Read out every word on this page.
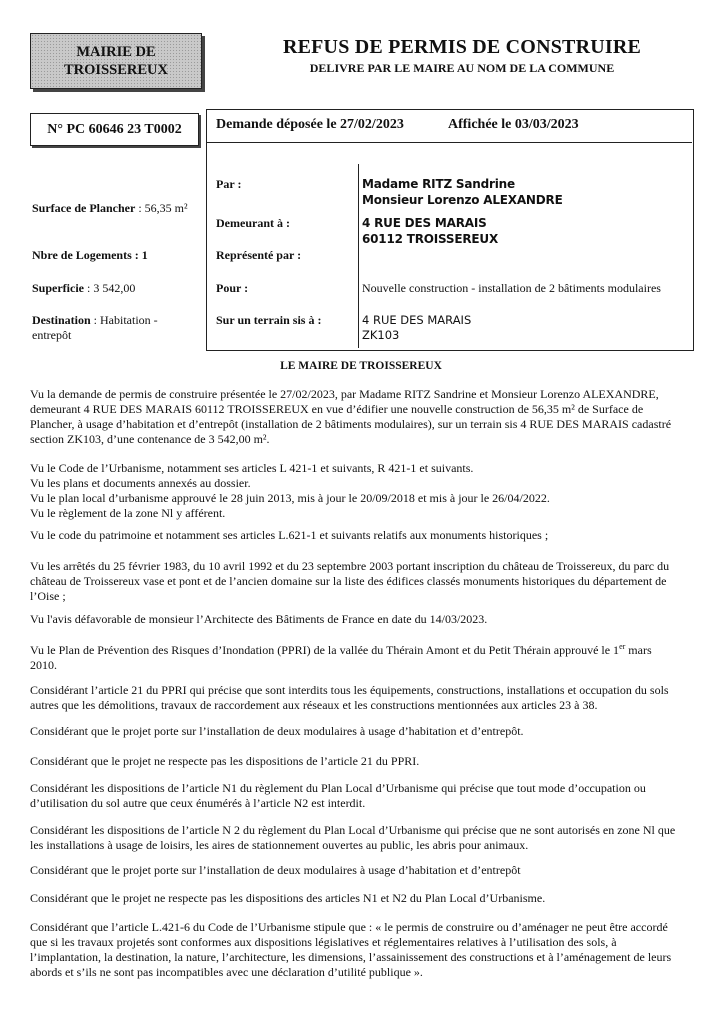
MAIRIE DE
TROISSEREUX
REFUS DE PERMIS DE CONSTRUIRE
DELIVRE PAR LE MAIRE AU NOM DE LA COMMUNE
N° PC 60646 23 T0002 Demande déposée le 27/02/2023	Affichée le 03/03/2023
Surface de Plancher : 56,35 m²
Nbre de Logements : 1
Superficie : 3 542,00
Destination : Habitation -
entrepôt
Par :
Demeurant à :
Représenté par :
Pour :
Sur un terrain sis à :
Madame RITZ Sandrine
Monsieur Lorenzo ALEXANDRE
4 RUE DES MARAIS
60112 TROISSEREUX
Nouvelle construction - installation de 2 bâtiments modulaires
4 RUE DES MARAIS
ZK103
LE MAIRE DE TROISSEREUX
Vu la demande de permis de construire présentée le 27/02/2023, par Madame RITZ Sandrine et Monsieur Lorenzo ALEXANDRE,
demeurant 4 RUE DES MARAIS 60112 TROISSEREUX en vue d’édifier une nouvelle construction de 56,35 m² de Surface de
Plancher, à usage d’habitation et d’entrepôt (installation de 2 bâtiments modulaires), sur un terrain sis 4 RUE DES MARAIS cadastré
section ZK103, d’une contenance de 3 542,00 m².
Vu le Code de l’Urbanisme, notamment ses articles L 421-1 et suivants, R 421-1 et suivants.
Vu les plans et documents annexés au dossier.
Vu le plan local d’urbanisme approuvé le 28 juin 2013, mis à jour le 20/09/2018 et mis à jour le 26/04/2022.
Vu le règlement de la zone Nl y afférent.
Vu le code du patrimoine et notamment ses articles L.621-1 et suivants relatifs aux monuments historiques ;
Vu les arrêtés du 25 février 1983, du 10 avril 1992 et du 23 septembre 2003 portant inscription du château de Troissereux, du parc du
château de Troissereux vase et pont et de l’ancien domaine sur la liste des édifices classés monuments historiques du département de
l’Oise ;
Vu l'avis défavorable de monsieur l’Architecte des Bâtiments de France en date du 14/03/2023.
Vu le Plan de Prévention des Risques d’Inondation (PPRI) de la vallée du Thérain Amont et du Petit Thérain approuvé le 1er mars
2010.
Considérant l’article 21 du PPRI qui précise que sont interdits tous les équipements, constructions, installations et occupation du sols
autres que les démolitions, travaux de raccordement aux réseaux et les constructions mentionnées aux articles 23 à 38.
Considérant que le projet porte sur l’installation de deux modulaires à usage d’habitation et d’entrepôt.
Considérant que le projet ne respecte pas les dispositions de l’article 21 du PPRI.
Considérant les dispositions de l’article N1 du règlement du Plan Local d’Urbanisme qui précise que tout mode d’occupation ou
d’utilisation du sol autre que ceux énumérés à l’article N2 est interdit.
Considérant les dispositions de l’article N 2 du règlement du Plan Local d’Urbanisme qui précise que ne sont autorisés en zone Nl que
les installations à usage de loisirs, les aires de stationnement ouvertes au public, les abris pour animaux.
Considérant que le projet porte sur l’installation de deux modulaires à usage d’habitation et d’entrepôt
Considérant que le projet ne respecte pas les dispositions des articles N1 et N2 du Plan Local d’Urbanisme.
Considérant que l’article L.421-6 du Code de l’Urbanisme stipule que : « le permis de construire ou d’aménager ne peut être accordé
que si les travaux projetés sont conformes aux dispositions législatives et réglementaires relatives à l’utilisation des sols, à
l’implantation, la destination, la nature, l’architecture, les dimensions, l’assainissement des constructions et à l’aménagement de leurs
abords et s’ils ne sont pas incompatibles avec une déclaration d’utilité publique ».
